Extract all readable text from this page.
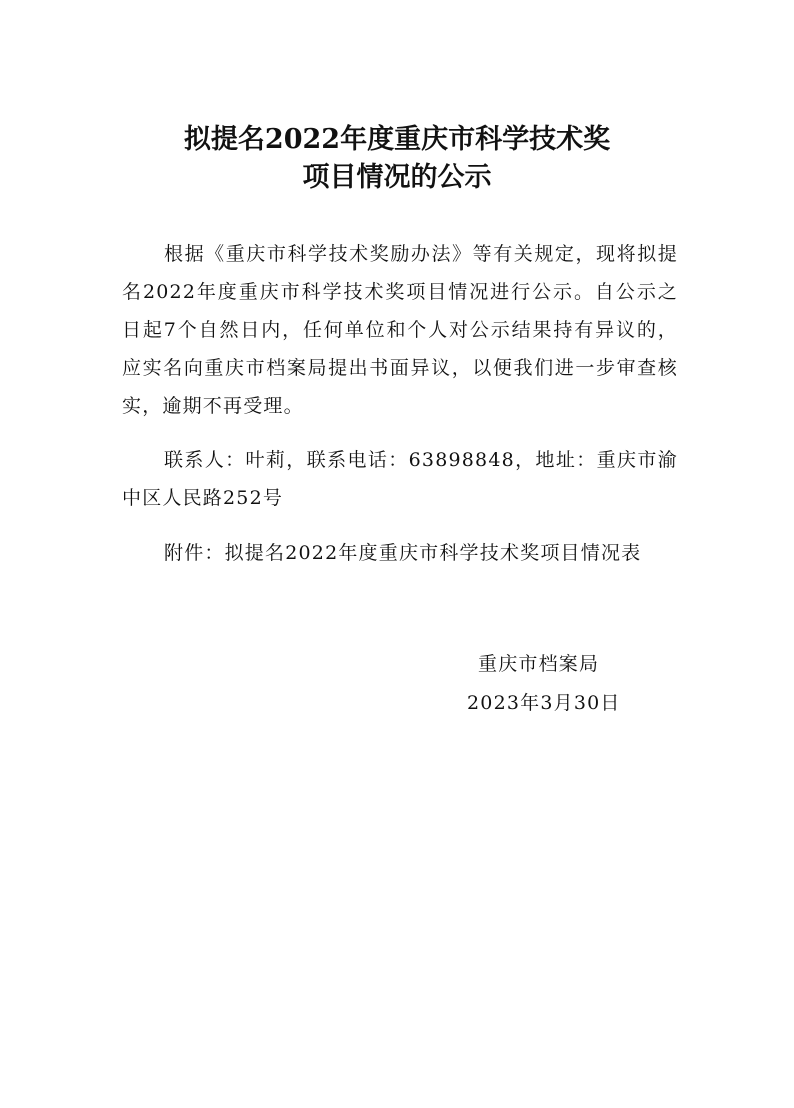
拟提名2022年度重庆市科学技术奖
项目情况的公示
根据《重庆市科学技术奖励办法》等有关规定，现将拟提名2022年度重庆市科学技术奖项目情况进行公示。自公示之日起7个自然日内，任何单位和个人对公示结果持有异议的，应实名向重庆市档案局提出书面异议，以便我们进一步审查核实，逾期不再受理。
联系人：叶莉，联系电话：63898848，地址：重庆市渝中区人民路252号
附件：拟提名2022年度重庆市科学技术奖项目情况表
重庆市档案局
2023年3月30日
